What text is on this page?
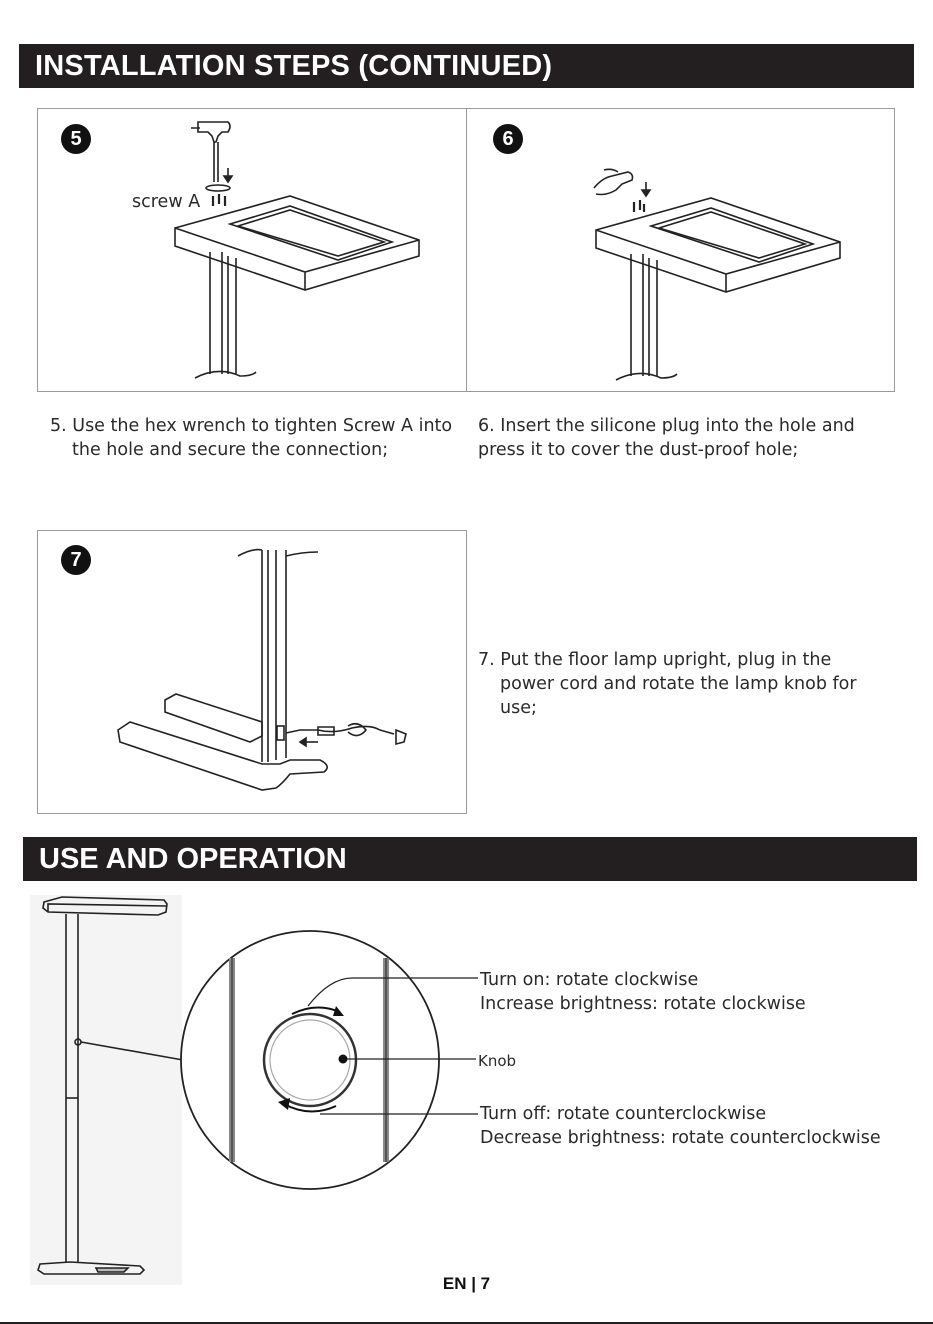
INSTALLATION STEPS (CONTINUED)
5	6
screw A
5. Use the hex wrench to tighten Screw A into
the hole and secure the connection;
6. Insert the silicone plug into the hole and
press it to cover the dust-proof hole;
7
7. Put the floor lamp upright, plug in the
power cord and rotate the lamp knob for
use;
USE AND OPERATION
Turn on: rotate clockwise
Increase brightness: rotate clockwise
Knob
Turn off: rotate counterclockwise
Decrease brightness: rotate counterclockwise
EN | 7
